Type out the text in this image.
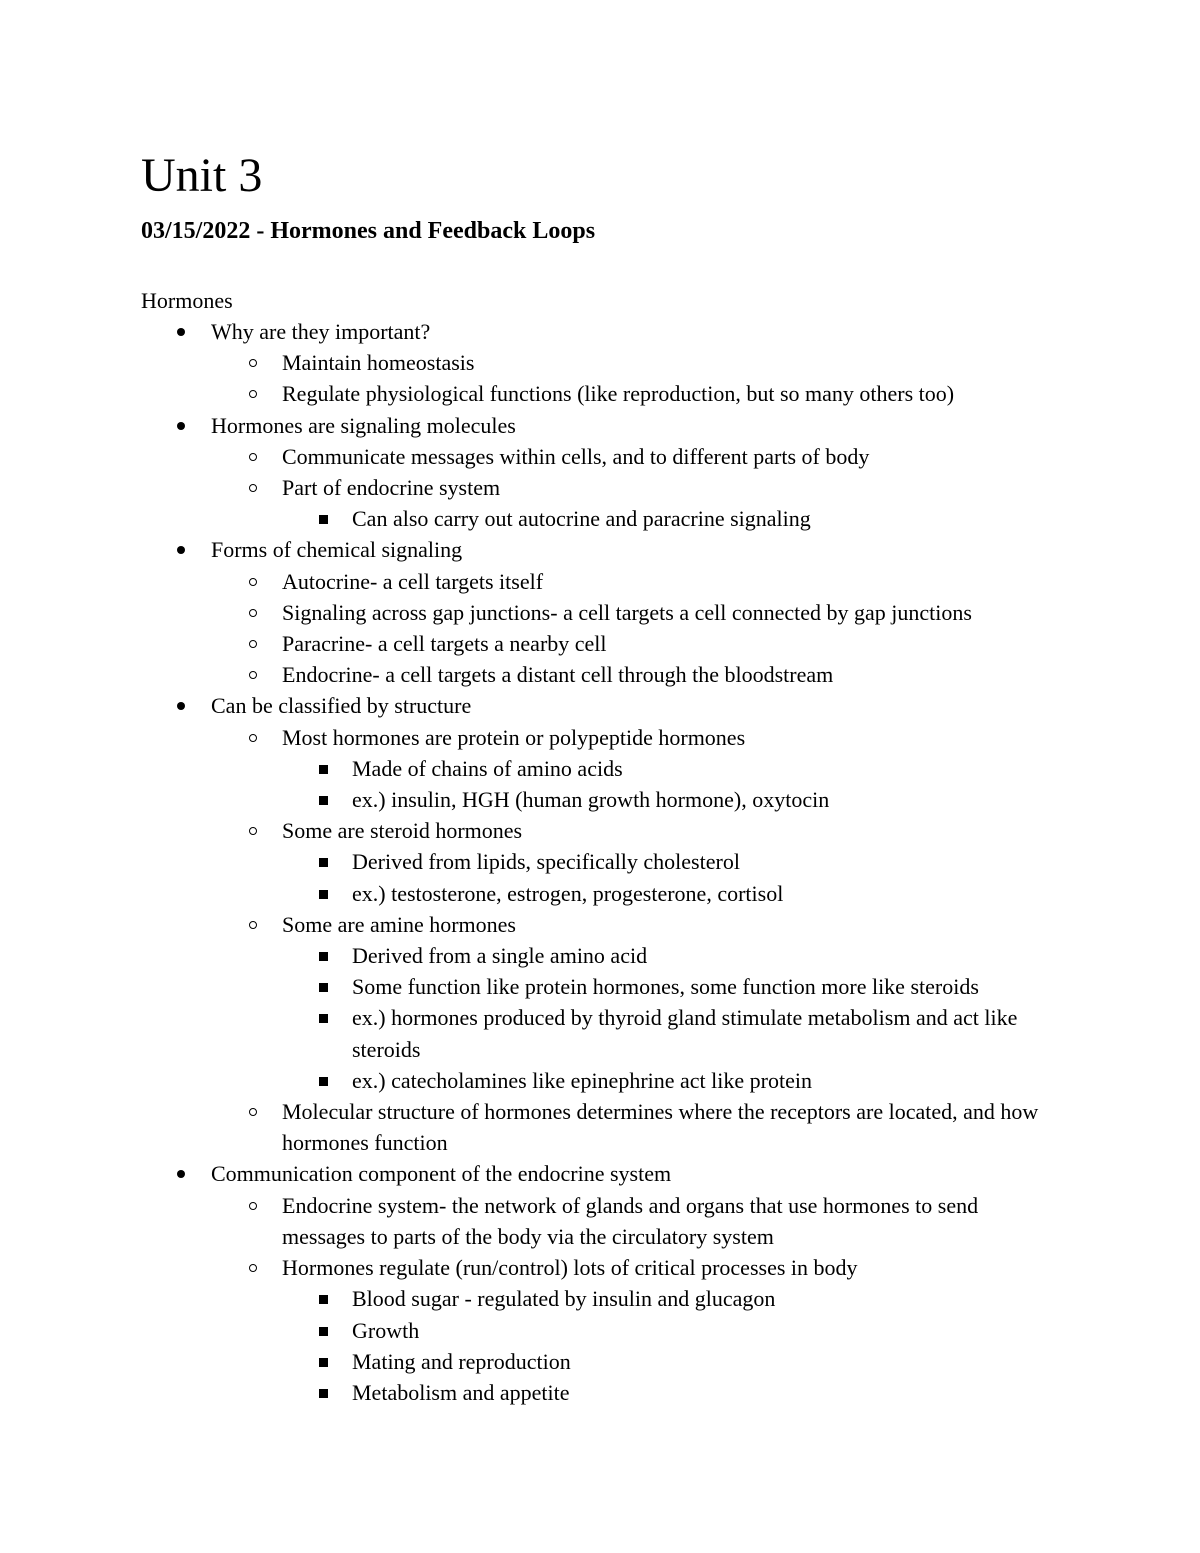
Unit 3
03/15/2022 - Hormones and Feedback Loops

Hormones

Why are they important?
Maintain homeostasis
Regulate physiological functions (like reproduction, but so many others too)
Hormones are signaling molecules
Communicate messages within cells, and to different parts of body
Part of endocrine system
Can also carry out autocrine and paracrine signaling
Forms of chemical signaling
Autocrine- a cell targets itself
Signaling across gap junctions- a cell targets a cell connected by gap junctions
Paracrine- a cell targets a nearby cell
Endocrine- a cell targets a distant cell through the bloodstream
Can be classified by structure
Most hormones are protein or polypeptide hormones
Made of chains of amino acids
ex.) insulin, HGH (human growth hormone), oxytocin
Some are steroid hormones
Derived from lipids, specifically cholesterol
ex.) testosterone, estrogen, progesterone, cortisol
Some are amine hormones
Derived from a single amino acid
Some function like protein hormones, some function more like steroids
ex.) hormones produced by thyroid gland stimulate metabolism and act like steroids
ex.) catecholamines like epinephrine act like protein
Molecular structure of hormones determines where the receptors are located, and how hormones function
Communication component of the endocrine system
Endocrine system- the network of glands and organs that use hormones to send messages to parts of the body via the circulatory system
Hormones regulate (run/control) lots of critical processes in body
Blood sugar - regulated by insulin and glucagon
Growth
Mating and reproduction
Metabolism and appetite
